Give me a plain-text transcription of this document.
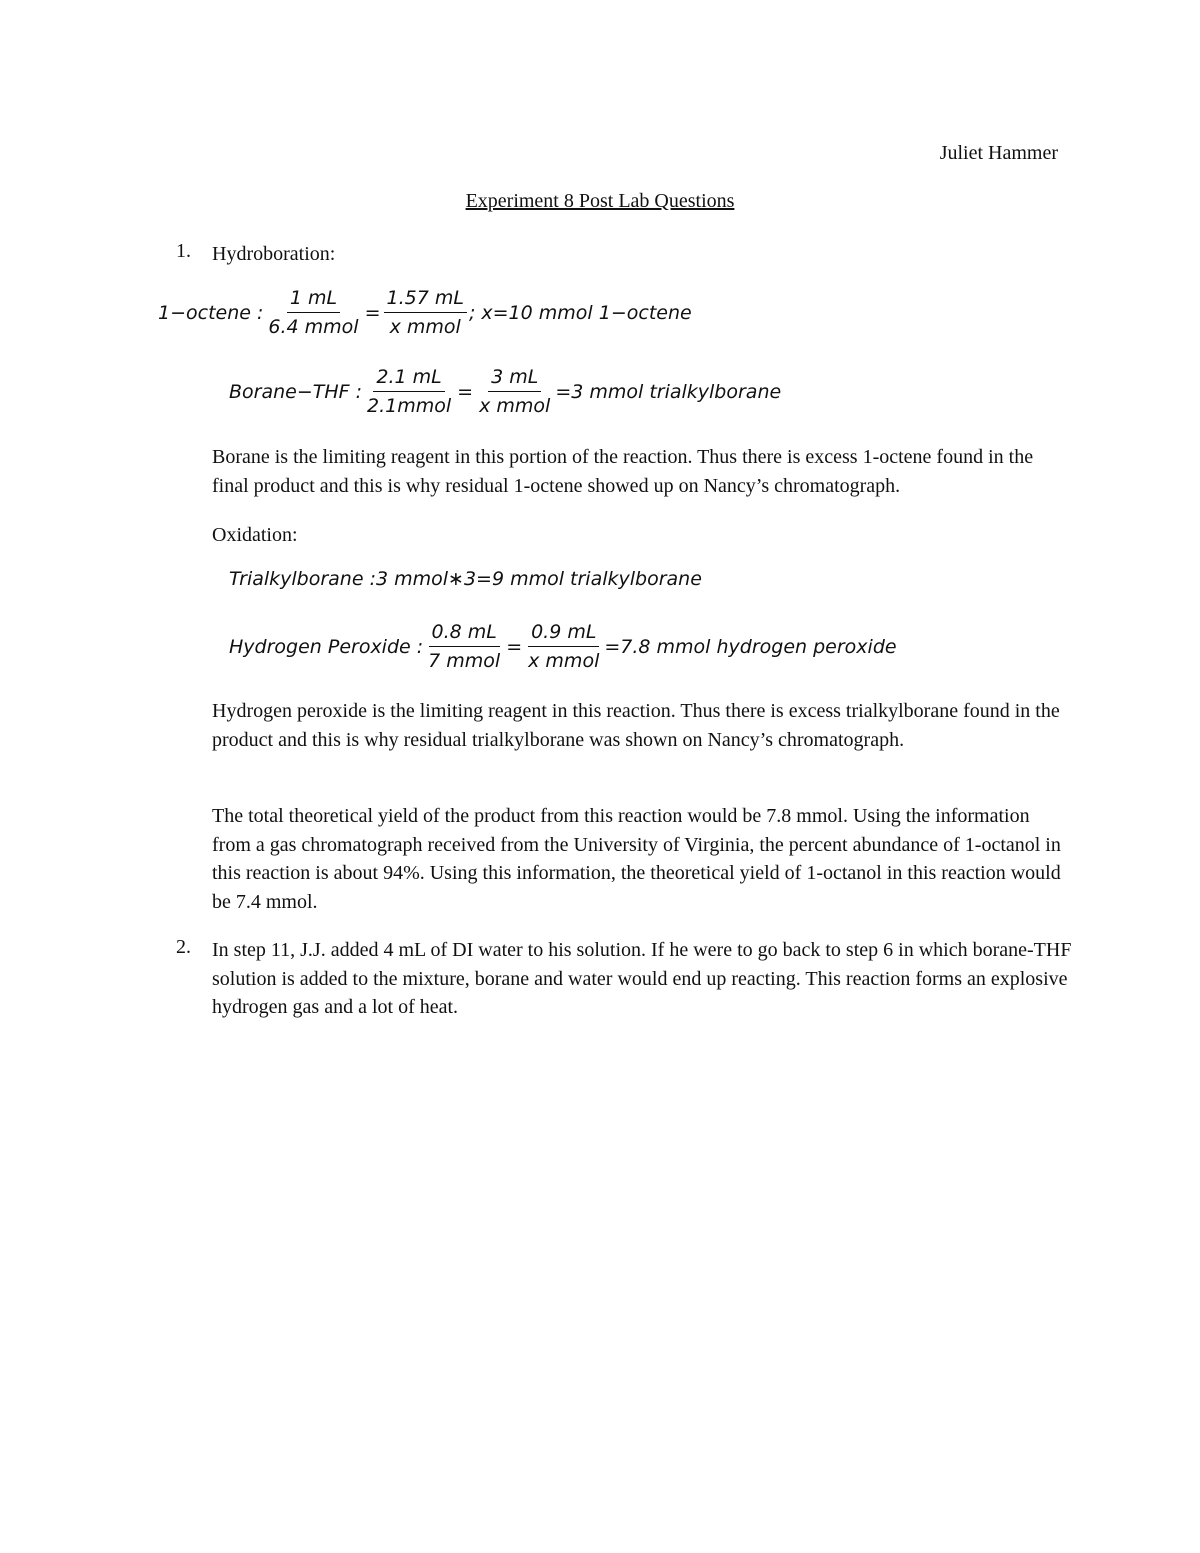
Juliet Hammer
Experiment 8 Post Lab Questions
1. Hydroboration:
1−octene : $\frac{1 mL}{\text{6.4 mmol}} = \frac{1.57 mL}{\text{x mmol}}$ ; x=10 mmol 1−octene
Borane−THF : $\frac{2.1 mL}{\text{2.1mmol}} = \frac{3 mL}{\text{x mmol}} =3$ mmol trialkylborane
Borane is the limiting reagent in this portion of the reaction. Thus there is excess 1-octene found in the final product and this is why residual 1-octene showed up on Nancy’s chromatograph.
Oxidation:
Trialkylborane :3 mmol∗3=9 mmol trialkylborane
Hydrogen Peroxide : $\frac{0.8 mL}{\text{7 mmol}} = \frac{0.9 mL}{\text{x mmol}} =7.8$ mmol hydrogen peroxide
Hydrogen peroxide is the limiting reagent in this reaction. Thus there is excess trialkylborane found in the product and this is why residual trialkylborane was shown on Nancy’s chromatograph.
The total theoretical yield of the product from this reaction would be 7.8 mmol. Using the information from a gas chromatograph received from the University of Virginia, the percent abundance of 1-octanol in this reaction is about 94%. Using this information, the theoretical yield of 1-octanol in this reaction would be 7.4 mmol.
2. In step 11, J.J. added 4 mL of DI water to his solution. If he were to go back to step 6 in which borane-THF solution is added to the mixture, borane and water would end up reacting. This reaction forms an explosive hydrogen gas and a lot of heat.
